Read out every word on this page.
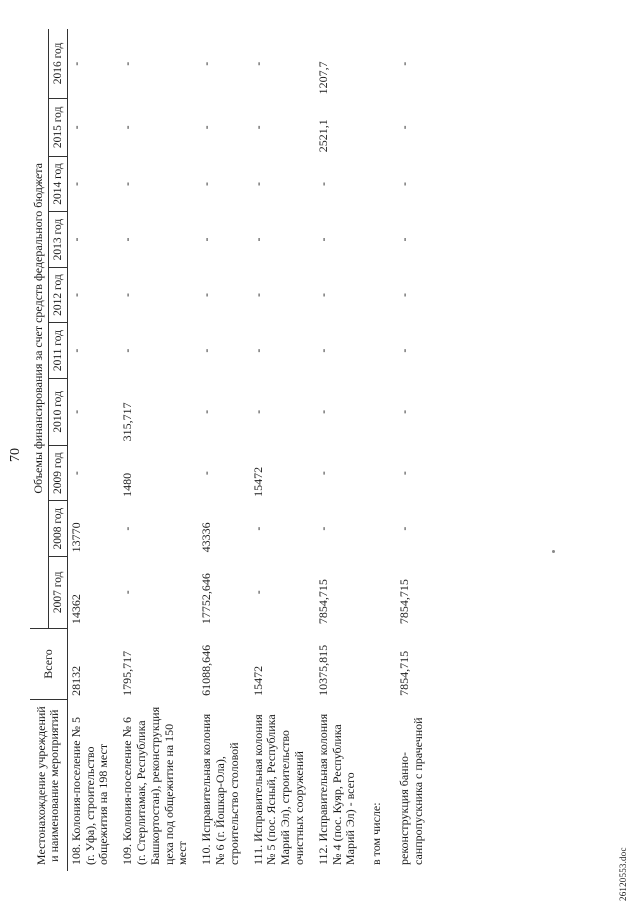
70
Местонахождение учреждений и наименование мероприятий	Всего	Объемы финансирования за счет средств федерального бюджета									
		2007 год	2008 год	2009 год	2010 год	2011 год	2012 год	2013 год	2014 год	2015 год	2016 год
108. Колония-поселение № 5 (г. Уфа), строительство общежития на 198 мест	28132	14362	13770	-	-	-	-	-	-	-	-
109. Колония-поселение № 6 (г. Стерлитамак, Республика Башкортостан), реконструкция цеха под общежитие на 150 мест	1795,717	-	-	1480	315,717	-	-	-	-	-	-
110. Исправительная колония № 6 (г. Йошкар-Ола), строительство столовой	61088,646	17752,646	43336	-	-	-	-	-	-	-	-
111. Исправительная колония № 5 (пос. Ясный, Республика Марий Эл), строительство очистных сооружений	15472	-	-	15472	-	-	-	-	-	-	-
112. Исправительная колония № 4 (пос. Куяр, Республика Марий Эл) - всего	10375,815	7854,715	-	-	-	-	-	-	-	2521,1	1207,7
в том числе:											
реконструкция банно-санпропускника с прачечной	7854,715	7854,715	-	-	-	-	-	-	-	-	-
26120553.doc
